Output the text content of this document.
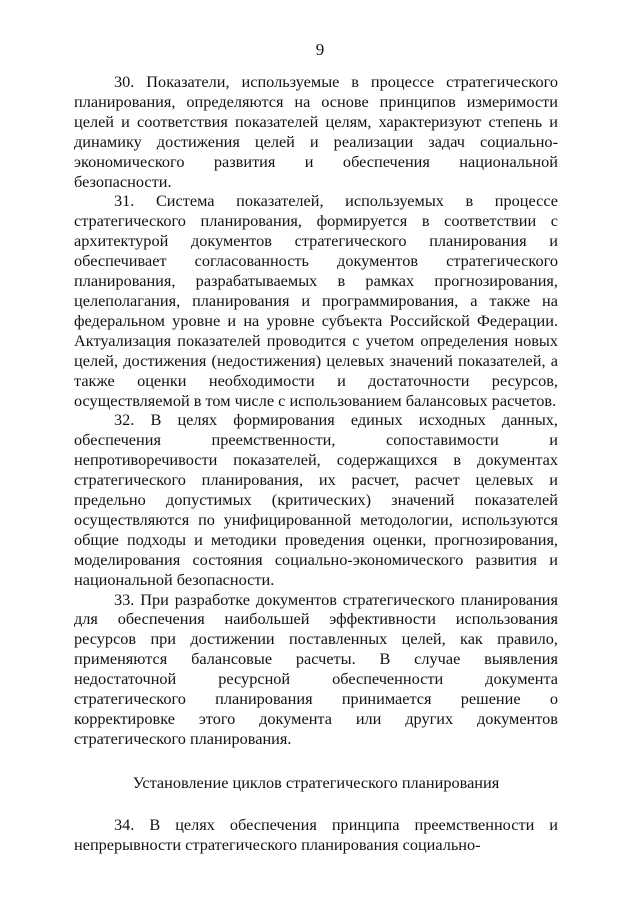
9

30. Показатели, используемые в процессе стратегического планирования, определяются на основе принципов измеримости целей и соответствия показателей целям, характеризуют степень и динамику достижения целей и реализации задач социально-экономического развития и обеспечения национальной безопасности.

31. Система показателей, используемых в процессе стратегического планирования, формируется в соответствии с архитектурой документов стратегического планирования и обеспечивает согласованность документов стратегического планирования, разрабатываемых в рамках прогнозирования, целеполагания, планирования и программирования, а также на федеральном уровне и на уровне субъекта Российской Федерации. Актуализация показателей проводится с учетом определения новых целей, достижения (недостижения) целевых значений показателей, а также оценки необходимости и достаточности ресурсов, осуществляемой в том числе с использованием балансовых расчетов.

32. В целях формирования единых исходных данных, обеспечения преемственности, сопоставимости и непротиворечивости показателей, содержащихся в документах стратегического планирования, их расчет, расчет целевых и предельно допустимых (критических) значений показателей осуществляются по унифицированной методологии, используются общие подходы и методики проведения оценки, прогнозирования, моделирования состояния социально-экономического развития и национальной безопасности.

33. При разработке документов стратегического планирования для обеспечения наибольшей эффективности использования ресурсов при достижении поставленных целей, как правило, применяются балансовые расчеты. В случае выявления недостаточной ресурсной обеспеченности документа стратегического планирования принимается решение о корректировке этого документа или других документов стратегического планирования.

Установление циклов стратегического планирования

34. В целях обеспечения принципа преемственности и непрерывности стратегического планирования социально-
